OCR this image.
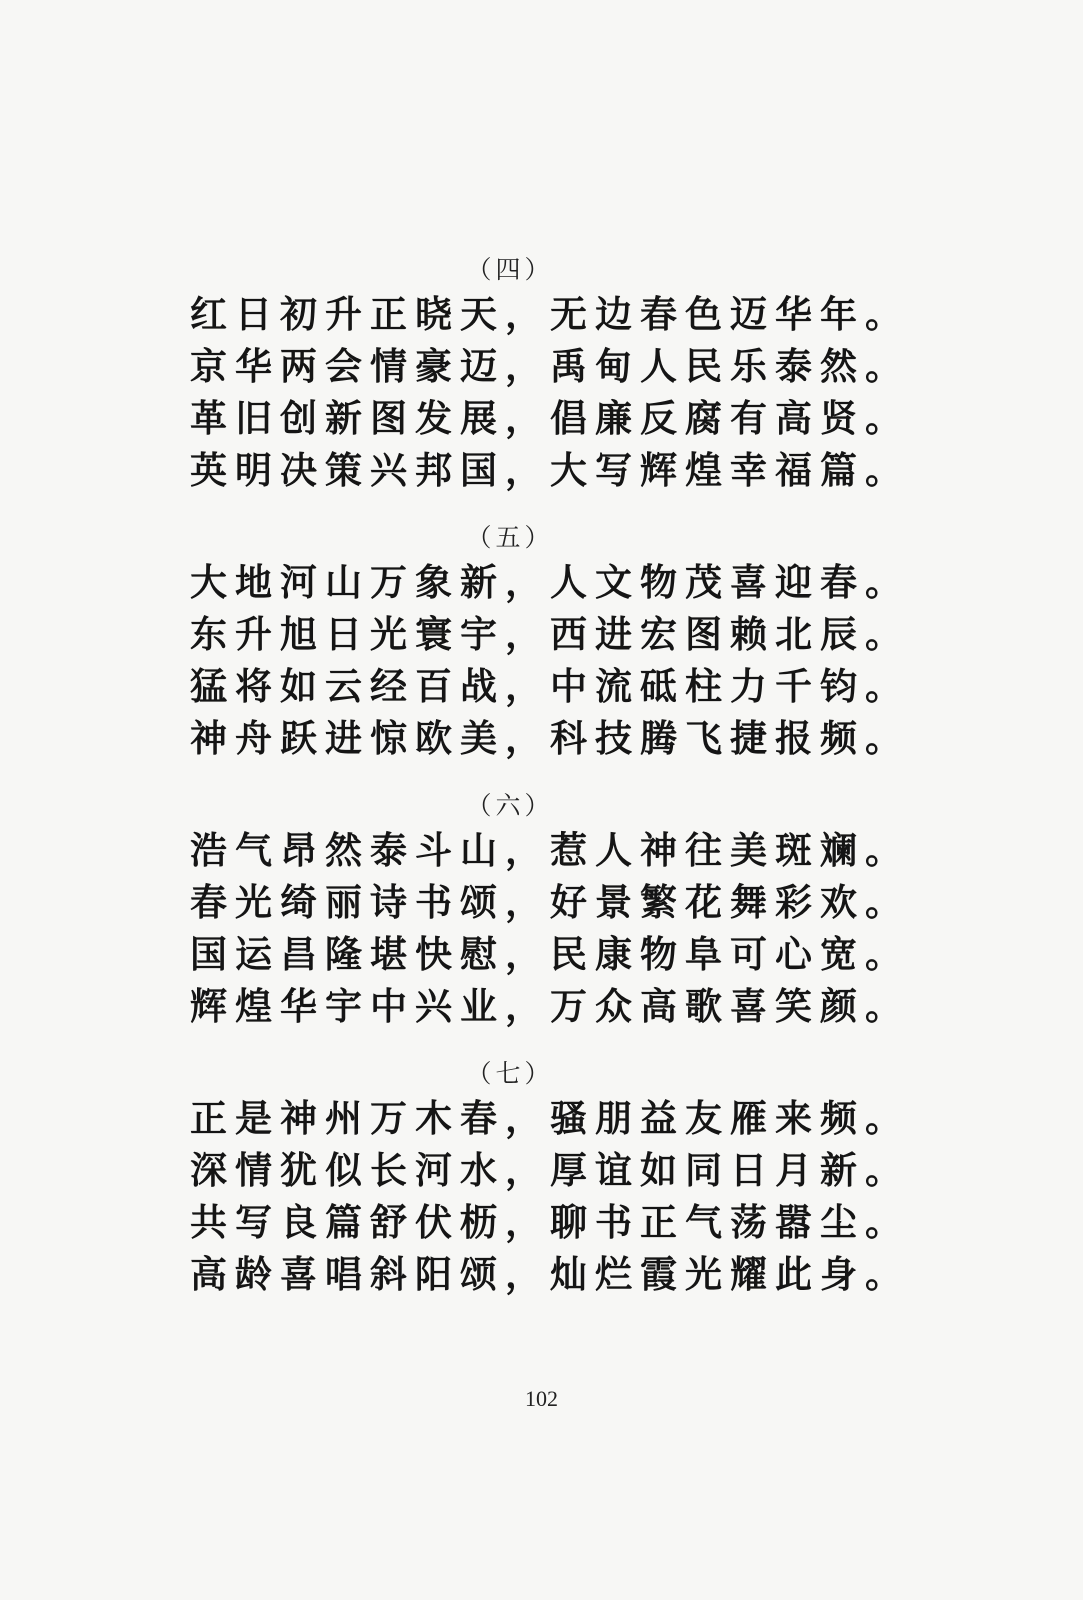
（四）
红日初升正晓天，无边春色迈华年。
京华两会情豪迈，禹甸人民乐泰然。
革旧创新图发展，倡廉反腐有高贤。
英明决策兴邦国，大写辉煌幸福篇。
（五）
大地河山万象新，人文物茂喜迎春。
东升旭日光寰宇，西进宏图赖北辰。
猛将如云经百战，中流砥柱力千钧。
神舟跃进惊欧美，科技腾飞捷报频。
（六）
浩气昂然泰斗山，惹人神往美斑斓。
春光绮丽诗书颂，好景繁花舞彩欢。
国运昌隆堪快慰，民康物阜可心宽。
辉煌华宇中兴业，万众高歌喜笑颜。
（七）
正是神州万木春，骚朋益友雁来频。
深情犹似长河水，厚谊如同日月新。
共写良篇舒伏枥，聊书正气荡嚣尘。
高龄喜唱斜阳颂，灿烂霞光耀此身。
102
